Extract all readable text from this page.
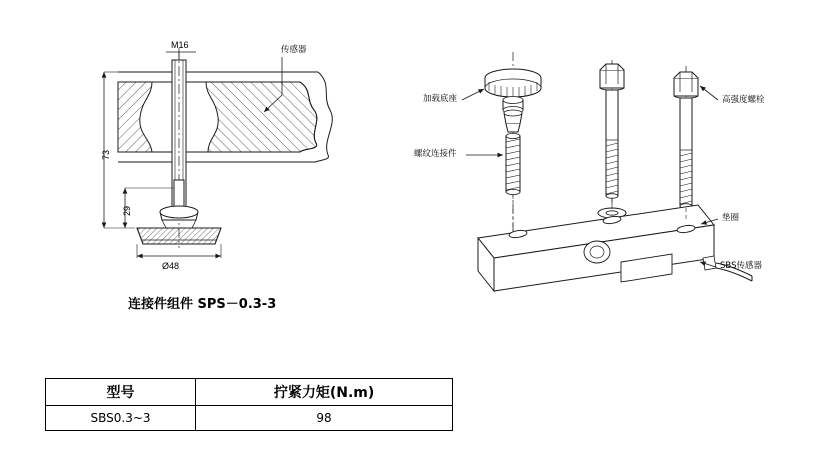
M16	传感器
73
29
Ø48
连接件组件 SPS－0.3-3
加载底座
螺纹连接件
高强度螺栓
垫圈
SBS传感器
型号	拧紧力矩(N.m)
SBS0.3~3	98
